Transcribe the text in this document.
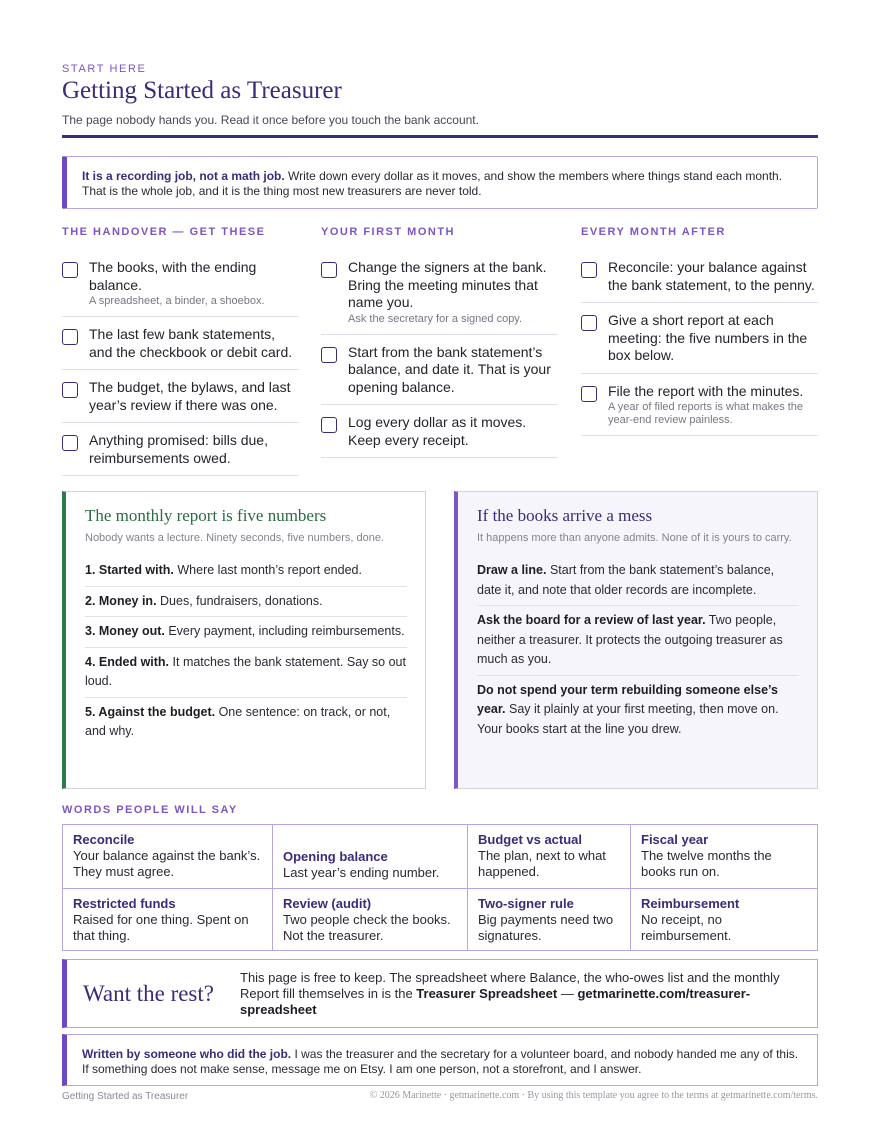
START HERE
Getting Started as Treasurer
The page nobody hands you. Read it once before you touch the bank account.
It is a recording job, not a math job. Write down every dollar as it moves, and show the members where things stand each month. That is the whole job, and it is the thing most new treasurers are never told.
THE HANDOVER — GET THESE
The books, with the ending balance.
A spreadsheet, a binder, a shoebox.
The last few bank statements, and the checkbook or debit card.
The budget, the bylaws, and last year’s review if there was one.
Anything promised: bills due, reimbursements owed.
YOUR FIRST MONTH
Change the signers at the bank. Bring the meeting minutes that name you.
Ask the secretary for a signed copy.
Start from the bank statement’s balance, and date it. That is your opening balance.
Log every dollar as it moves. Keep every receipt.
EVERY MONTH AFTER
Reconcile: your balance against the bank statement, to the penny.
Give a short report at each meeting: the five numbers in the box below.
File the report with the minutes.
A year of filed reports is what makes the year-end review painless.
The monthly report is five numbers
Nobody wants a lecture. Ninety seconds, five numbers, done.
1. Started with. Where last month’s report ended.
2. Money in. Dues, fundraisers, donations.
3. Money out. Every payment, including reimbursements.
4. Ended with. It matches the bank statement. Say so out loud.
5. Against the budget. One sentence: on track, or not, and why.
If the books arrive a mess
It happens more than anyone admits. None of it is yours to carry.
Draw a line. Start from the bank statement’s balance, date it, and note that older records are incomplete.
Ask the board for a review of last year. Two people, neither a treasurer. It protects the outgoing treasurer as much as you.
Do not spend your term rebuilding someone else’s year. Say it plainly at your first meeting, then move on. Your books start at the line you drew.
WORDS PEOPLE WILL SAY
Reconcile
Your balance against the bank’s. They must agree.
Opening balance
Last year’s ending number.
Budget vs actual
The plan, next to what happened.
Fiscal year
The twelve months the books run on.
Restricted funds
Raised for one thing. Spent on that thing.
Review (audit)
Two people check the books. Not the treasurer.
Two-signer rule
Big payments need two signatures.
Reimbursement
No receipt, no reimbursement.
Want the rest?
This page is free to keep. The spreadsheet where Balance, the who-owes list and the monthly Report fill themselves in is the Treasurer Spreadsheet — getmarinette.com/treasurer-spreadsheet
Written by someone who did the job. I was the treasurer and the secretary for a volunteer board, and nobody handed me any of this. If something does not make sense, message me on Etsy. I am one person, not a storefront, and I answer.
Getting Started as Treasurer	© 2026 Marinette · getmarinette.com · By using this template you agree to the terms at getmarinette.com/terms.
